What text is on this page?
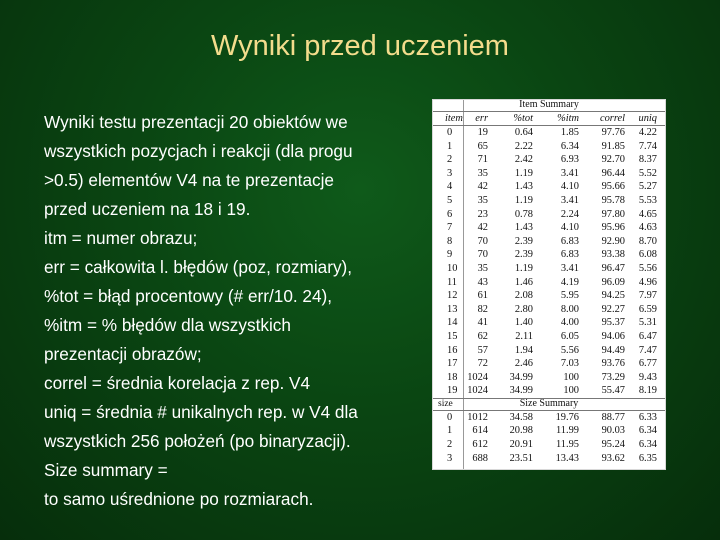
Wyniki przed uczeniem
Wyniki testu prezentacji 20 obiektów we
wszystkich pozycjach i reakcji (dla progu
>0.5) elementów V4 na te prezentacje
przed uczeniem na 18 i 19.
itm = numer obrazu;
err = całkowita l. błędów (poz, rozmiary),
%tot = błąd procentowy (# err/10. 24),
%itm = % błędów dla wszystkich
prezentacji obrazów;
correl = średnia korelacja z rep. V4
uniq = średnia # unikalnych rep. w V4 dla
wszystkich 256 położeń (po binaryzacji).
Size summary =
to samo uśrednione po rozmiarach.
Item Summary
item err %tot %itm correl uniq
0 19	0.64	1.85 97.76 4.22
1 65	2.22	6.34 91.85 7.74
2 71	2.42	6.93 92.70 8.37
3 35	1.19	3.41 96.44 5.52
4 42	1.43	4.10 95.66 5.27
5 35	1.19	3.41 95.78 5.53
6 23	0.78	2.24 97.80 4.65
7 42	1.43	4.10 95.96 4.63
8 70	2.39	6.83 92.90 8.70
9 70	2.39	6.83 93.38 6.08
10 35	1.19	3.41 96.47 5.56
11 43	1.46	4.19 96.09 4.96
12 61	2.08	5.95 94.25 7.97
13 82	2.80	8.00 92.27 6.59
14 41	1.40	4.00 95.37 5.31
15 62	2.11	6.05 94.06 6.47
16 57	1.94	5.56 94.49 7.47
17 72	2.46	7.03 93.76 6.77
18 1024 34.99	100 73.29 9.43
19 1024 34.99	100 55.47 8.19
size	Size Summary
0 1012 34.58 19.76 88.77 6.33
1 614 20.98 11.99 90.03 6.34
2 612 20.91 11.95 95.24 6.34
3 688 23.51 13.43 93.62 6.35
